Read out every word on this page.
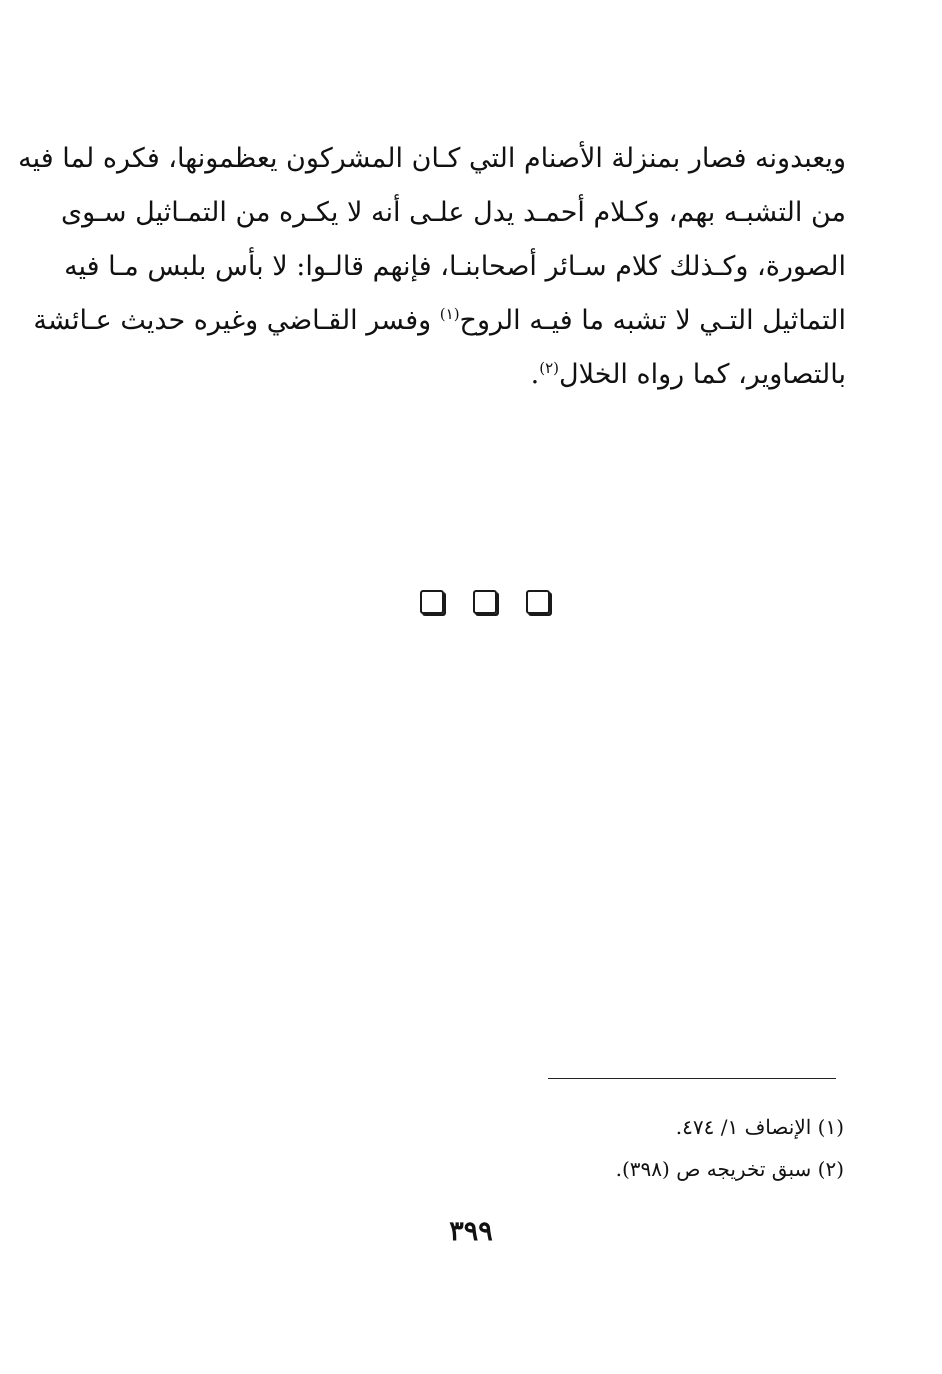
ويعبدونه فصار بمنزلة الأصنام التي كـان المشركون يعظمونها، فكره لما فيه
من التشبـه بهم، وكـلام أحمـد يدل علـى أنه لا يكـره من التمـاثيل سـوى
الصورة، وكـذلك كلام سـائر أصحابنـا، فإنهم قالـوا: لا بأس بلبس مـا فيه
التماثيل التـي لا تشبه ما فيـه الروح$^{(١)}$ وفسر القـاضي وغيره حديث عـائشة
بالتصاوير، كما رواه الخلال$^{(٢)}$.
(١) الإنصاف ١/ ٤٧٤.
(٢) سبق تخريجه ص (٣٩٨).
٣٩٩
